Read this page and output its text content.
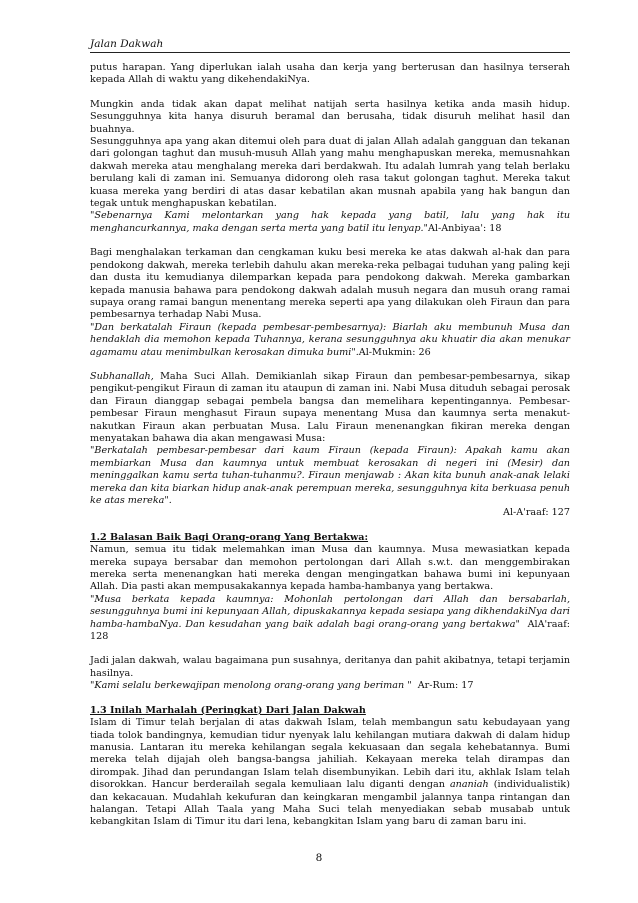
Jalan Dakwah

putus harapan. Yang diperlukan ialah usaha dan kerja yang berterusan dan hasilnya terserah kepada Allah di waktu yang dikehendakiNya.

Mungkin anda tidak akan dapat melihat natijah serta hasilnya ketika anda masih hidup. Sesungguhnya kita hanya disuruh beramal dan berusaha, tidak disuruh melihat hasil dan buahnya.

Sesungguhnya apa yang akan ditemui oleh para duat di jalan Allah adalah gangguan dan tekanan dari golongan taghut dan musuh-musuh Allah yang mahu menghapuskan mereka, memusnahkan dakwah mereka atau menghalang mereka dari berdakwah. Itu adalah lumrah yang telah berlaku berulang kali di zaman ini. Semuanya didorong oleh rasa takut golongan taghut. Mereka takut kuasa mereka yang berdiri di atas dasar kebatilan akan musnah apabila yang hak bangun dan tegak untuk menghapuskan kebatilan.

"Sebenarnya Kami melontarkan yang hak kepada yang batil, lalu yang hak itu menghancurkannya, maka dengan serta merta yang batil itu lenyap."Al-Anbiyaa': 18

Bagi menghalakan terkaman dan cengkaman kuku besi mereka ke atas dakwah al-hak dan para pendokong dakwah, mereka terlebih dahulu akan mereka-reka pelbagai tuduhan yang paling keji dan dusta itu kemudianya dilemparkan kepada para pendokong dakwah. Mereka gambarkan kepada manusia bahawa para pendokong dakwah adalah musuh negara dan musuh orang ramai supaya orang ramai bangun menentang mereka seperti apa yang dilakukan oleh Firaun dan para pembesarnya terhadap Nabi Musa.

"Dan berkatalah Firaun (kepada pembesar-pembesarnya): Biarlah aku membunuh Musa dan hendaklah dia memohon kepada Tuhannya, kerana sesungguhnya aku khuatir dia akan menukar agamamu atau menimbulkan kerosakan dimuka bumi".Al-Mukmin: 26

Subhanallah, Maha Suci Allah. Demikianlah sikap Firaun dan pembesar-pembesarnya, sikap pengikut-pengikut Firaun di zaman itu ataupun di zaman ini. Nabi Musa dituduh sebagai perosak dan Firaun dianggap sebagai pembela bangsa dan memelihara kepentingannya. Pembesar-pembesar Firaun menghasut Firaun supaya menentang Musa dan kaumnya serta menakut-nakutkan Firaun akan perbuatan Musa. Lalu Firaun menenangkan fikiran mereka dengan menyatakan bahawa dia akan mengawasi Musa:

"Berkatalah pembesar-pembesar dari kaum Firaun (kepada Firaun): Apakah kamu akan membiarkan Musa dan kaumnya untuk membuat kerosakan di negeri ini (Mesir) dan meninggalkan kamu serta tuhan-tuhanmu?. Firaun menjawab : Akan kita bunuh anak-anak lelaki mereka dan kita biarkan hidup anak-anak perempuan mereka, sesungguhnya kita berkuasa penuh ke atas mereka".

Al-A'raaf: 127

1.2 Balasan Baik Bagi Orang-orang Yang Bertakwa:

Namun, semua itu tidak melemahkan iman Musa dan kaumnya. Musa mewasiatkan kepada mereka supaya bersabar dan memohon pertolongan dari Allah s.w.t. dan menggembirakan mereka serta menenangkan hati mereka dengan mengingatkan bahawa bumi ini kepunyaan Allah. Dia pasti akan mempusakakannya kepada hamba-hambanya yang bertakwa.

"Musa berkata kepada kaumnya: Mohonlah pertolongan dari Allah dan bersabarlah, sesungguhnya bumi ini kepunyaan Allah, dipuskakannya kepada sesiapa yang dikhendakiNya dari hamba-hambaNya. Dan kesudahan yang baik adalah bagi orang-orang yang bertakwa" AlA'raaf: 128

Jadi jalan dakwah, walau bagaimana pun susahnya, deritanya dan pahit akibatnya, tetapi terjamin hasilnya.

"Kami selalu berkewajipan menolong orang-orang yang beriman " Ar-Rum: 17

1.3 Inilah Marhalah (Peringkat) Dari Jalan Dakwah

Islam di Timur telah berjalan di atas dakwah Islam, telah membangun satu kebudayaan yang tiada tolok bandingnya, kemudian tidur nyenyak lalu kehilangan mutiara dakwah di dalam hidup manusia. Lantaran itu mereka kehilangan segala kekuasaan dan segala kehebatannya. Bumi mereka telah dijajah oleh bangsa-bangsa jahiliah. Kekayaan mereka telah dirampas dan dirompak. Jihad dan perundangan Islam telah disembunyikan. Lebih dari itu, akhlak Islam telah disorokkan. Hancur berderailah segala kemuliaan lalu diganti dengan ananiah (individualistik) dan kekacauan. Mudahlah kekufuran dan keingkaran mengambil jalannya tanpa rintangan dan halangan. Tetapi Allah Taala yang Maha Suci telah menyediakan sebab musabab untuk kebangkitan Islam di Timur itu dari lena, kebangkitan Islam yang baru di zaman baru ini.

8
